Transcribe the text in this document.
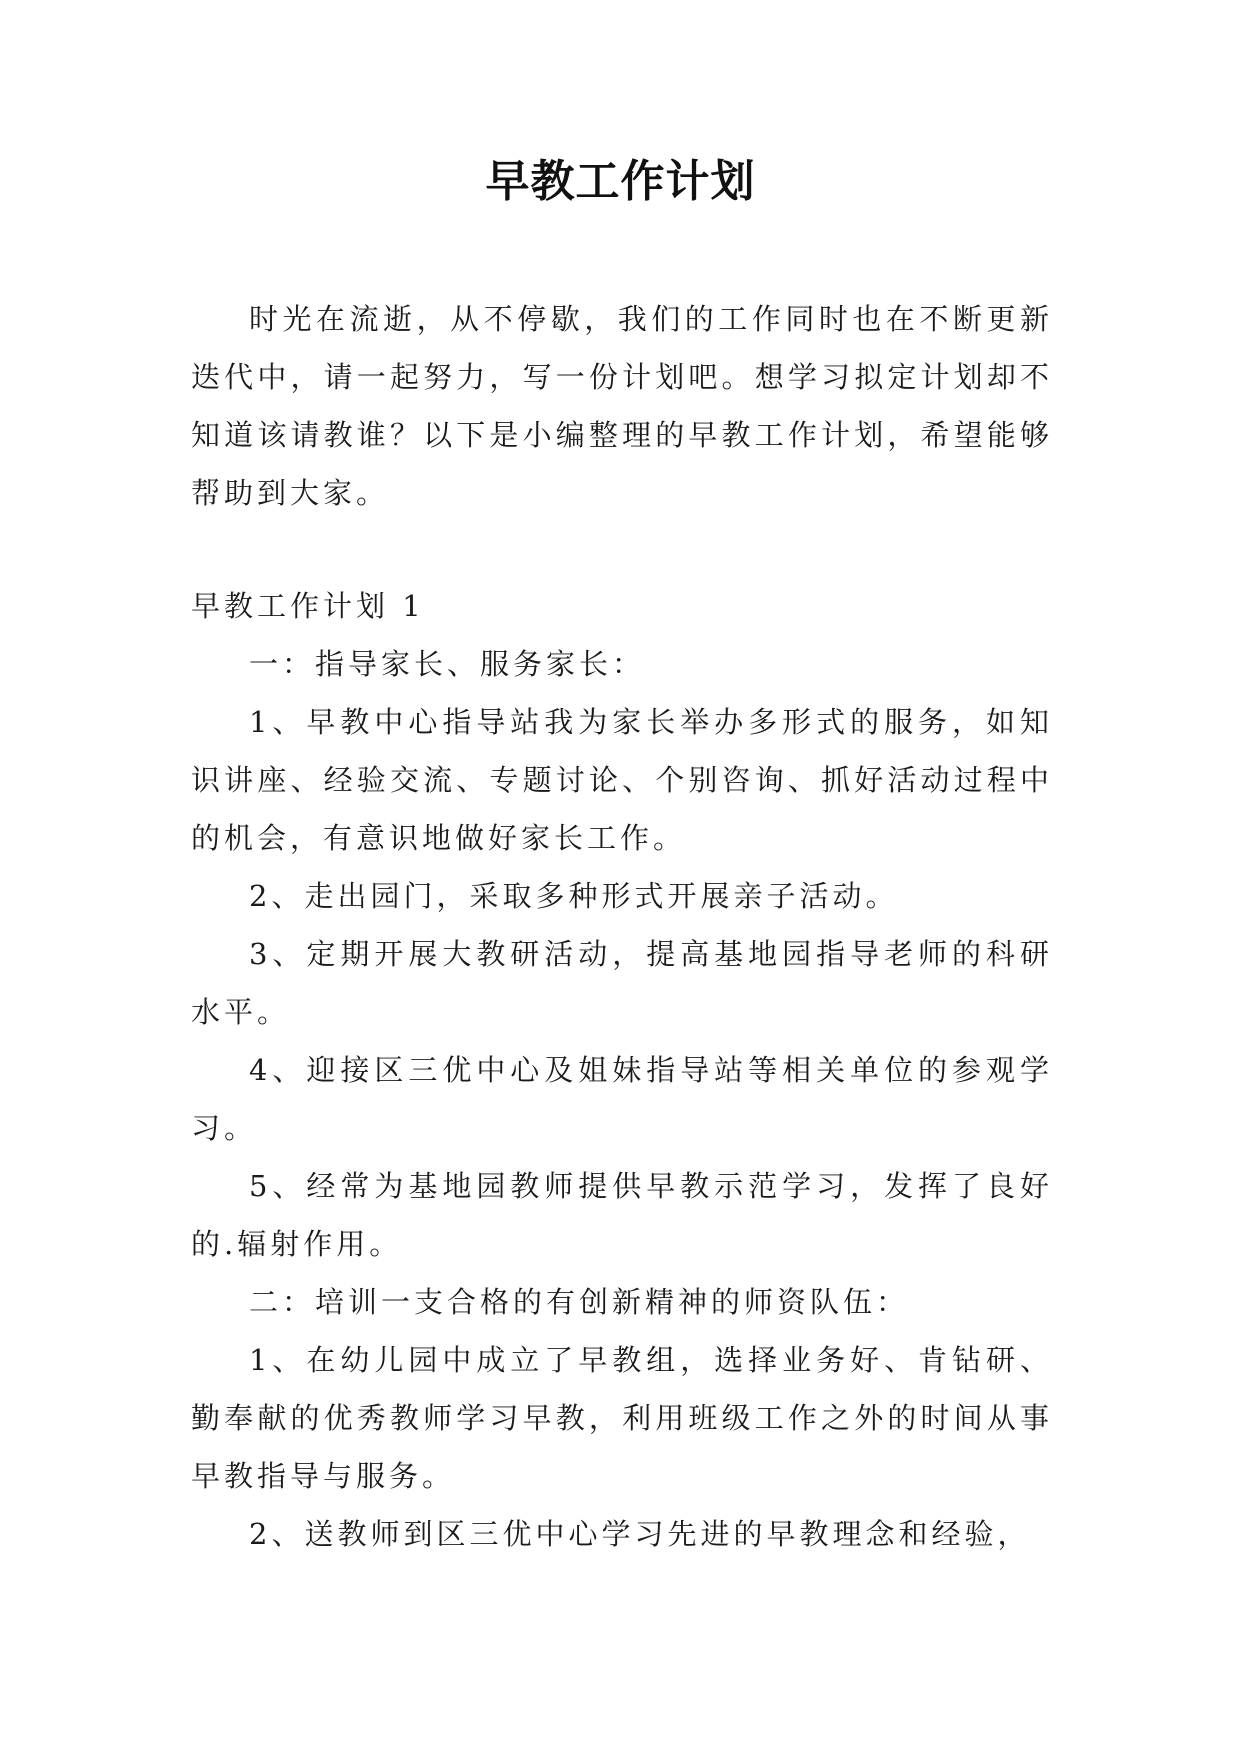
早教工作计划

时光在流逝，从不停歇，我们的工作同时也在不断更新迭代中，请一起努力，写一份计划吧。想学习拟定计划却不知道该请教谁？以下是小编整理的早教工作计划，希望能够帮助到大家。

早教工作计划 1

一：指导家长、服务家长：

1、早教中心指导站我为家长举办多形式的服务，如知识讲座、经验交流、专题讨论、个别咨询、抓好活动过程中的机会，有意识地做好家长工作。

2、走出园门，采取多种形式开展亲子活动。

3、定期开展大教研活动，提高基地园指导老师的科研水平。

4、迎接区三优中心及姐妹指导站等相关单位的参观学习。

5、经常为基地园教师提供早教示范学习，发挥了良好的.辐射作用。

二：培训一支合格的有创新精神的师资队伍：

1、在幼儿园中成立了早教组，选择业务好、肯钻研、勤奉献的优秀教师学习早教，利用班级工作之外的时间从事早教指导与服务。

2、送教师到区三优中心学习先进的早教理念和经验，
